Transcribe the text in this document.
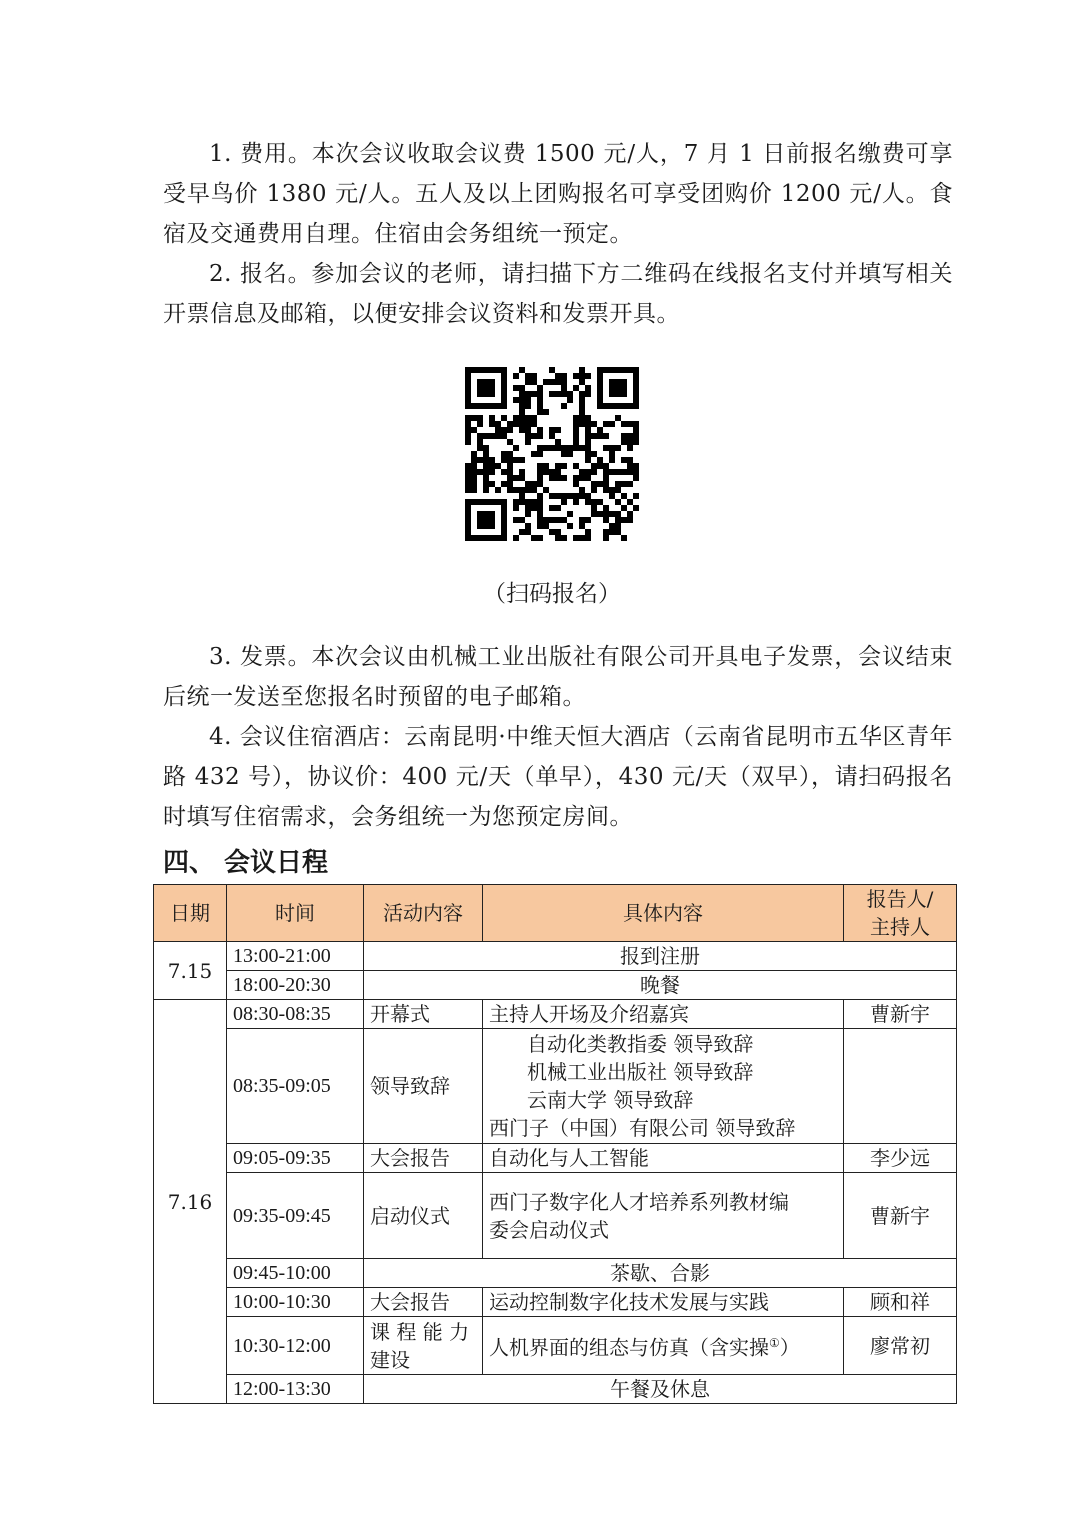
1. 费用。本次会议收取会议费 1500 元/人，7 月 1 日前报名缴费可享受早鸟价 1380 元/人。五人及以上团购报名可享受团购价 1200 元/人。食宿及交通费用自理。住宿由会务组统一预定。

2. 报名。参加会议的老师，请扫描下方二维码在线报名支付并填写相关开票信息及邮箱，以便安排会议资料和发票开具。

（扫码报名）

3. 发票。本次会议由机械工业出版社有限公司开具电子发票，会议结束后统一发送至您报名时预留的电子邮箱。

4. 会议住宿酒店：云南昆明·中维天恒大酒店（云南省昆明市五华区青年路 432 号），协议价：400 元/天（单早），430 元/天（双早），请扫码报名时填写住宿需求，会务组统一为您预定房间。

四、 会议日程
日期	时间	活动内容	具体内容	报告人/
主持人

7.15	13:00-21:00	报到注册		
	18:00-20:30	晚餐		
7.16	08:30-08:35	开幕式	主持人开场及介绍嘉宾	曹新宇
	08:35-09:05	领导致辞	自动化类教指委 领导致辞
机械工业出版社 领导致辞
云南大学 领导致辞
西门子（中国）有限公司 领导致辞	

	09:05-09:35	大会报告	自动化与人工智能	李少远
	09:35-09:45	启动仪式	西门子数字化人才培养系列教材编
委会启动仪式	曹新宇
	09:45-10:00	茶歇、合影		
	10:00-10:30	大会报告	运动控制数字化技术发展与实践	顾和祥
	10:30-12:00	课 程 能 力
建设	人机界面的组态与仿真（含实操①）	廖常初
	12:00-13:30	午餐及休息		
